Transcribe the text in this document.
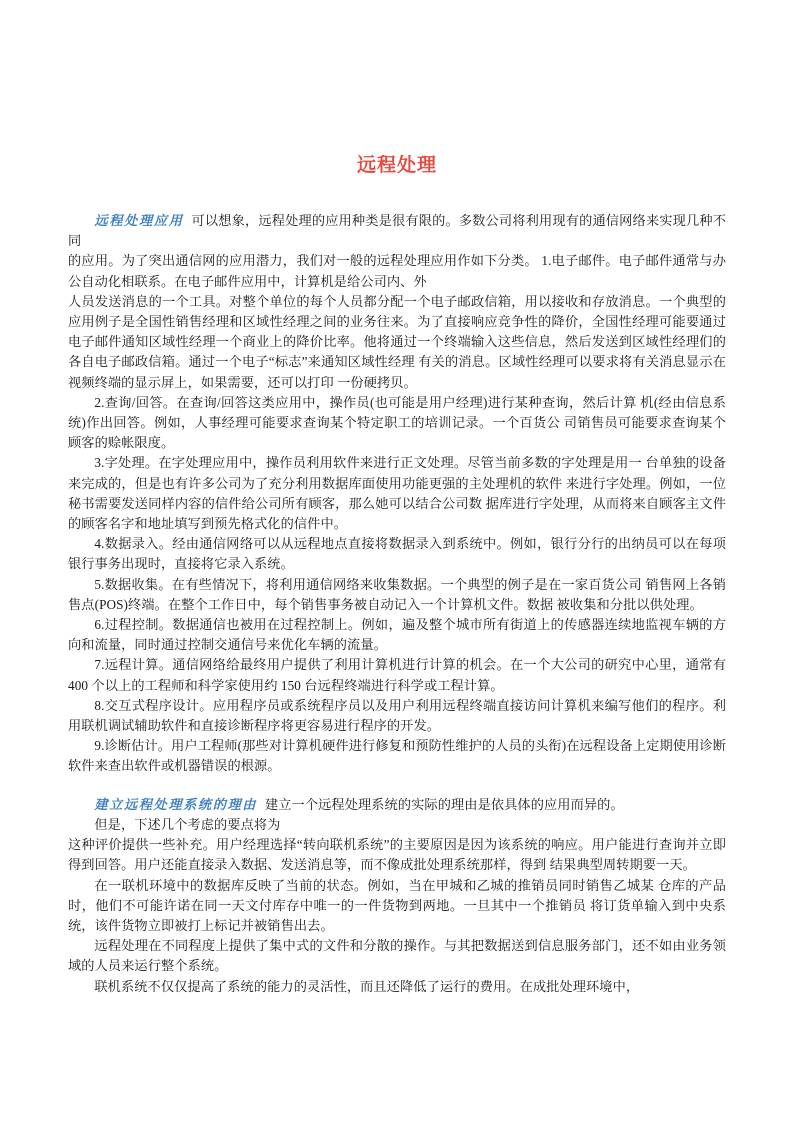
远程处理

远程处理应用 可以想象，远程处理的应用种类是很有限的。多数公司将利用现有的通信网络来实现几种不同

的应用。为了突出通信网的应用潜力，我们对一般的远程处理应用作如下分类。 1.电子邮件。电子邮件通常与办公自动化相联系。在电子邮件应用中，计算机是给公司内、外

人员发送消息的一个工具。对整个单位的每个人员都分配一个电子邮政信箱，用以接收和存放消息。一个典型的应用例子是全国性销售经理和区域性经理之间的业务往来。为了直接响应竞争性的降价，全国性经理可能要通过电子邮件通知区域性经理一个商业上的降价比率。他将通过一个终端输入这些信息，然后发送到区域性经理们的各自电子邮政信箱。通过一个电子“标志”来通知区域性经理 有关的消息。区域性经理可以要求将有关消息显示在视频终端的显示屏上，如果需要，还可以打印 一份硬拷贝。

2.查询/回答。在查询/回答这类应用中，操作员(也可能是用户经理)进行某种查询，然后计算 机(经由信息系统)作出回答。例如，人事经理可能要求查询某个特定职工的培训记录。一个百货公 司销售员可能要求查询某个顾客的赊帐限度。

3.字处理。在字处理应用中，操作员利用软件来进行正文处理。尽管当前多数的字处理是用一 台单独的设备来完成的，但是也有许多公司为了充分利用数据库面使用功能更强的主处理机的软件 来进行字处理。例如，一位秘书需要发送同样内容的信件给公司所有顾客，那么她可以结合公司数 据库进行字处理，从而将来自顾客主文件的顾客名字和地址填写到预先格式化的信件中。

4.数据录入。经由通信网络可以从远程地点直接将数据录入到系统中。例如，银行分行的出纳员可以在每项银行事务出现时，直接将它录入系统。

5.数据收集。在有些情况下，将利用通信网络来收集数据。一个典型的例子是在一家百货公司 销售网上各销售点(POS)终端。在整个工作日中，每个销售事务被自动记入一个计算机文件。数据 被收集和分批以供处理。

6.过程控制。数据通信也被用在过程控制上。例如，遍及整个城市所有街道上的传感器连续地监视车辆的方向和流量，同时通过控制交通信号来优化车辆的流量。

7.远程计算。通信网络给最终用户提供了利用计算机进行计算的机会。在一个大公司的研究中心里，通常有 400 个以上的工程师和科学家使用约 150 台远程终端进行科学或工程计算。

8.交互式程序设计。应用程序员或系统程序员以及用户利用远程终端直接访问计算机来编写他们的程序。利用联机调试辅助软件和直接诊断程序将更容易进行程序的开发。

9.诊断估计。用户工程师(那些对计算机硬件进行修复和预防性维护的人员的头衔)在远程设备上定期使用诊断软件来查出软件或机器错误的根源。

建立远程处理系统的理由 建立一个远程处理系统的实际的理由是依具体的应用而异的。

但是，下述几个考虑的要点将为

这种评价提供一些补充。用户经理选择“转向联机系统”的主要原因是因为该系统的响应。用户能进行查询并立即得到回答。用户还能直接录入数据、发送消息等，而不像成批处理系统那样，得到 结果典型周转期要一天。

在一联机环境中的数据库反映了当前的状态。例如，当在甲城和乙城的推销员同时销售乙城某 仓库的产品时，他们不可能许诺在同一天文付库存中唯一的一件货物到两地。一旦其中一个推销员 将订货单输入到中央系统，该件货物立即被打上标记并被销售出去。

远程处理在不同程度上提供了集中式的文件和分散的操作。与其把数据送到信息服务部门，还不如由业务领域的人员来运行整个系统。

联机系统不仅仅提高了系统的能力的灵活性，而且还降低了运行的费用。在成批处理环境中，
